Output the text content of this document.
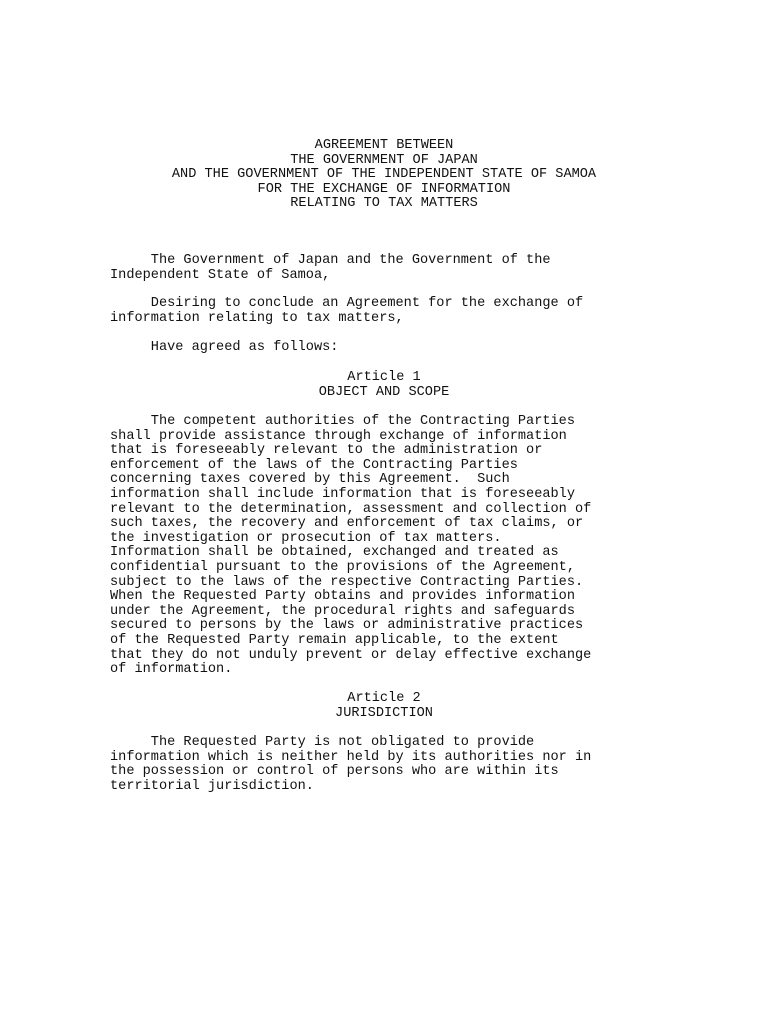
AGREEMENT BETWEEN
THE GOVERNMENT OF JAPAN
AND THE GOVERNMENT OF THE INDEPENDENT STATE OF SAMOA
FOR THE EXCHANGE OF INFORMATION
RELATING TO TAX MATTERS
The Government of Japan and the Government of the
Independent State of Samoa,
Desiring to conclude an Agreement for the exchange of
information relating to tax matters,
Have agreed as follows:
Article 1
OBJECT AND SCOPE
The competent authorities of the Contracting Parties
shall provide assistance through exchange of information
that is foreseeably relevant to the administration or
enforcement of the laws of the Contracting Parties
concerning taxes covered by this Agreement.  Such
information shall include information that is foreseeably
relevant to the determination, assessment and collection of
such taxes, the recovery and enforcement of tax claims, or
the investigation or prosecution of tax matters.
Information shall be obtained, exchanged and treated as
confidential pursuant to the provisions of the Agreement,
subject to the laws of the respective Contracting Parties.
When the Requested Party obtains and provides information
under the Agreement, the procedural rights and safeguards
secured to persons by the laws or administrative practices
of the Requested Party remain applicable, to the extent
that they do not unduly prevent or delay effective exchange
of information.
Article 2
JURISDICTION
The Requested Party is not obligated to provide
information which is neither held by its authorities nor in
the possession or control of persons who are within its
territorial jurisdiction.
